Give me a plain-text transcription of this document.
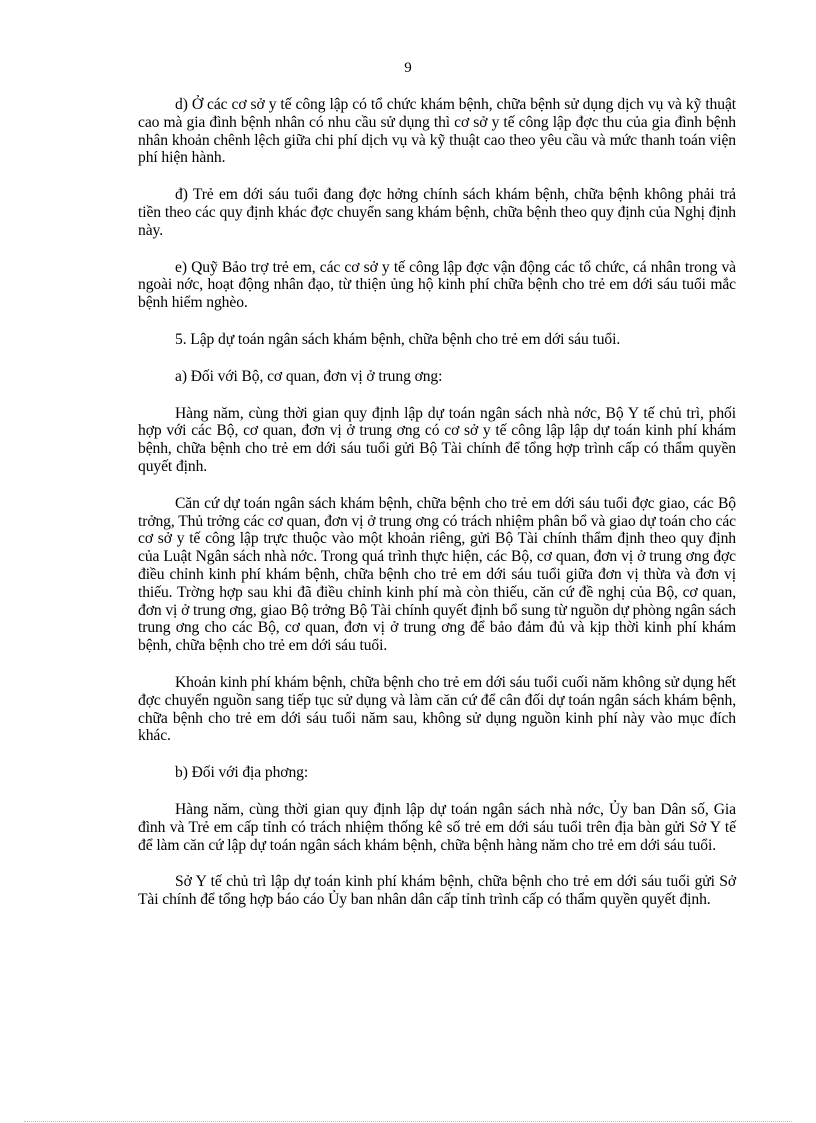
9

d) Ở các cơ sở y tế công lập có tổ chức khám bệnh, chữa bệnh sử dụng dịch vụ và kỹ thuật cao mà gia đình bệnh nhân có nhu cầu sử dụng thì cơ sở y tế công lập đợc thu của gia đình bệnh nhân khoản chênh lệch giữa chi phí dịch vụ và kỹ thuật cao theo yêu cầu và mức thanh toán viện phí hiện hành.

đ) Trẻ em dới sáu tuổi đang đợc hởng chính sách khám bệnh, chữa bệnh không phải trả tiền theo các quy định khác đợc chuyển sang khám bệnh, chữa bệnh theo quy định của Nghị định này.

e) Quỹ Bảo trợ trẻ em, các cơ sở y tế công lập đợc vận động các tổ chức, cá nhân trong và ngoài nớc, hoạt động nhân đạo, từ thiện ủng hộ kinh phí chữa bệnh cho trẻ em dới sáu tuổi mắc bệnh hiểm nghèo.

5. Lập dự toán ngân sách khám bệnh, chữa bệnh cho trẻ em dới sáu tuổi.

a) Đối với Bộ, cơ quan, đơn vị ở trung ơng:

Hàng năm, cùng thời gian quy định lập dự toán ngân sách nhà nớc, Bộ Y tế chủ trì, phối hợp với các Bộ, cơ quan, đơn vị ở trung ơng có cơ sở y tế công lập lập dự toán kinh phí khám bệnh, chữa bệnh cho trẻ em dới sáu tuổi gửi Bộ Tài chính để tổng hợp trình cấp có thẩm quyền quyết định.

Căn cứ dự toán ngân sách khám bệnh, chữa bệnh cho trẻ em dới sáu tuổi đợc giao, các Bộ trởng, Thủ trởng các cơ quan, đơn vị ở trung ơng có trách nhiệm phân bổ và giao dự toán cho các cơ sở y tế công lập trực thuộc vào một khoản riêng, gửi Bộ Tài chính thẩm định theo quy định của Luật Ngân sách nhà nớc. Trong quá trình thực hiện, các Bộ, cơ quan, đơn vị ở trung ơng đợc điều chỉnh kinh phí khám bệnh, chữa bệnh cho trẻ em dới sáu tuổi giữa đơn vị thừa và đơn vị thiếu. Trờng hợp sau khi đã điều chỉnh kinh phí mà còn thiếu, căn cứ đề nghị của Bộ, cơ quan, đơn vị ở trung ơng, giao Bộ trởng Bộ Tài chính quyết định bổ sung từ nguồn dự phòng ngân sách trung ơng cho các Bộ, cơ quan, đơn vị ở trung ơng để bảo đảm đủ và kịp thời kinh phí khám bệnh, chữa bệnh cho trẻ em dới sáu tuổi.

Khoản kinh phí khám bệnh, chữa bệnh cho trẻ em dới sáu tuổi cuối năm không sử dụng hết đợc chuyển nguồn sang tiếp tục sử dụng và làm căn cứ để cân đối dự toán ngân sách khám bệnh, chữa bệnh cho trẻ em dới sáu tuổi năm sau, không sử dụng nguồn kinh phí này vào mục đích khác.

b) Đối với địa phơng:

Hàng năm, cùng thời gian quy định lập dự toán ngân sách nhà nớc, Ủy ban Dân số, Gia đình và Trẻ em cấp tỉnh có trách nhiệm thống kê số trẻ em dới sáu tuổi trên địa bàn gửi Sở Y tế để làm căn cứ lập dự toán ngân sách khám bệnh, chữa bệnh hàng năm cho trẻ em dới sáu tuổi.

Sở Y tế chủ trì lập dự toán kinh phí khám bệnh, chữa bệnh cho trẻ em dới sáu tuổi gửi Sở Tài chính để tổng hợp báo cáo Ủy ban nhân dân cấp tỉnh trình cấp có thẩm quyền quyết định.
